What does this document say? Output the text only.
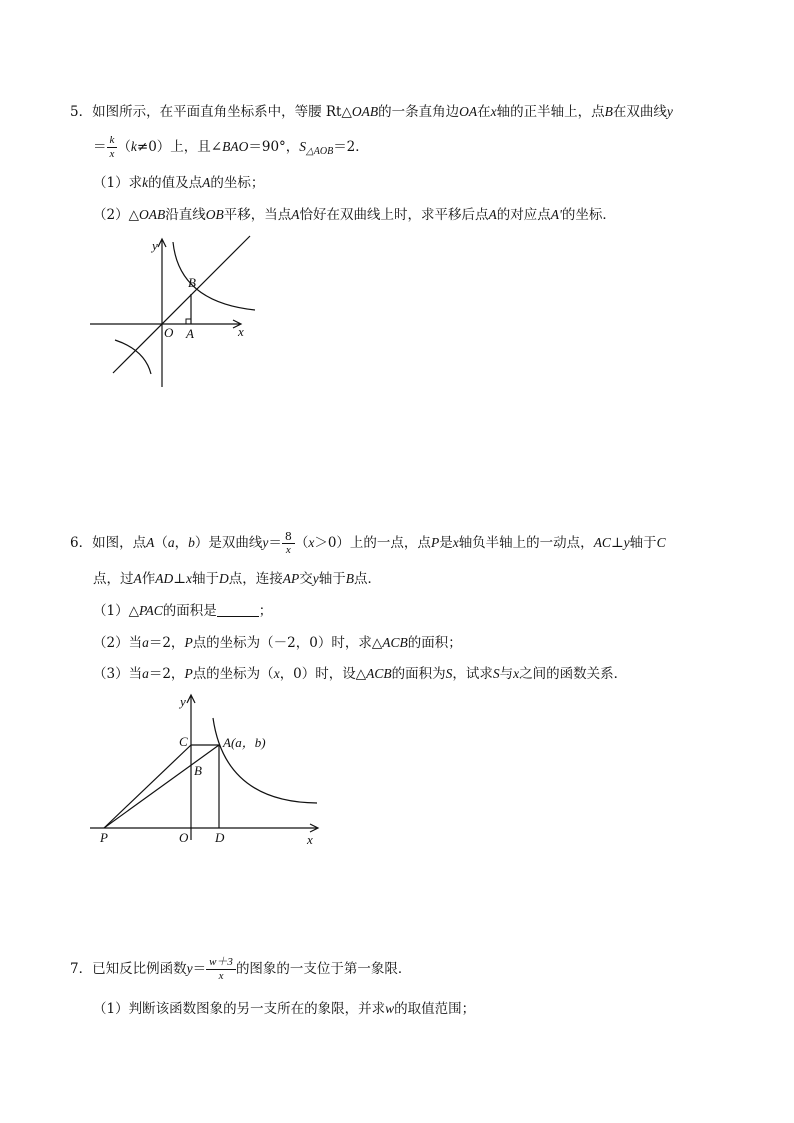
5．如图所示，在平面直角坐标系中，等腰 Rt△OAB的一条直角边OA在x轴的正半轴上，点B在双曲线y
＝ $\frac{k}{x} (k\ne 0)$上，且∠BAO＝90°，$S_{\triangle AOB}=2$．
（1）求k的值及点A的坐标；
（2）△OAB沿直线OB平移，当点A恰好在双曲线上时，求平移后点A的对应点A'的坐标．
y
x
O A
B
6．如图，点A（a，b）是双曲线$y= \frac{8}{x} (x>0)$上的一点，点P是x轴负半轴上的一动点，AC⊥y轴于C
点，过A作AD⊥x轴于D点，连接AP交y轴于B点．
（1）△PAC的面积是	；
（2）当a＝2，P点的坐标为（－2，0）时，求△ACB的面积；
（3）当a＝2，P点的坐标为（x，0）时，设△ACB的面积为S，试求S与x之间的函数关系．
y
x
O
C	A(a，b)
B
P	D
7．已知反比例函数$y= \frac{w+3}{x}$ 的图象的一支位于第一象限．
（1）判断该函数图象的另一支所在的象限，并求w的取值范围；
